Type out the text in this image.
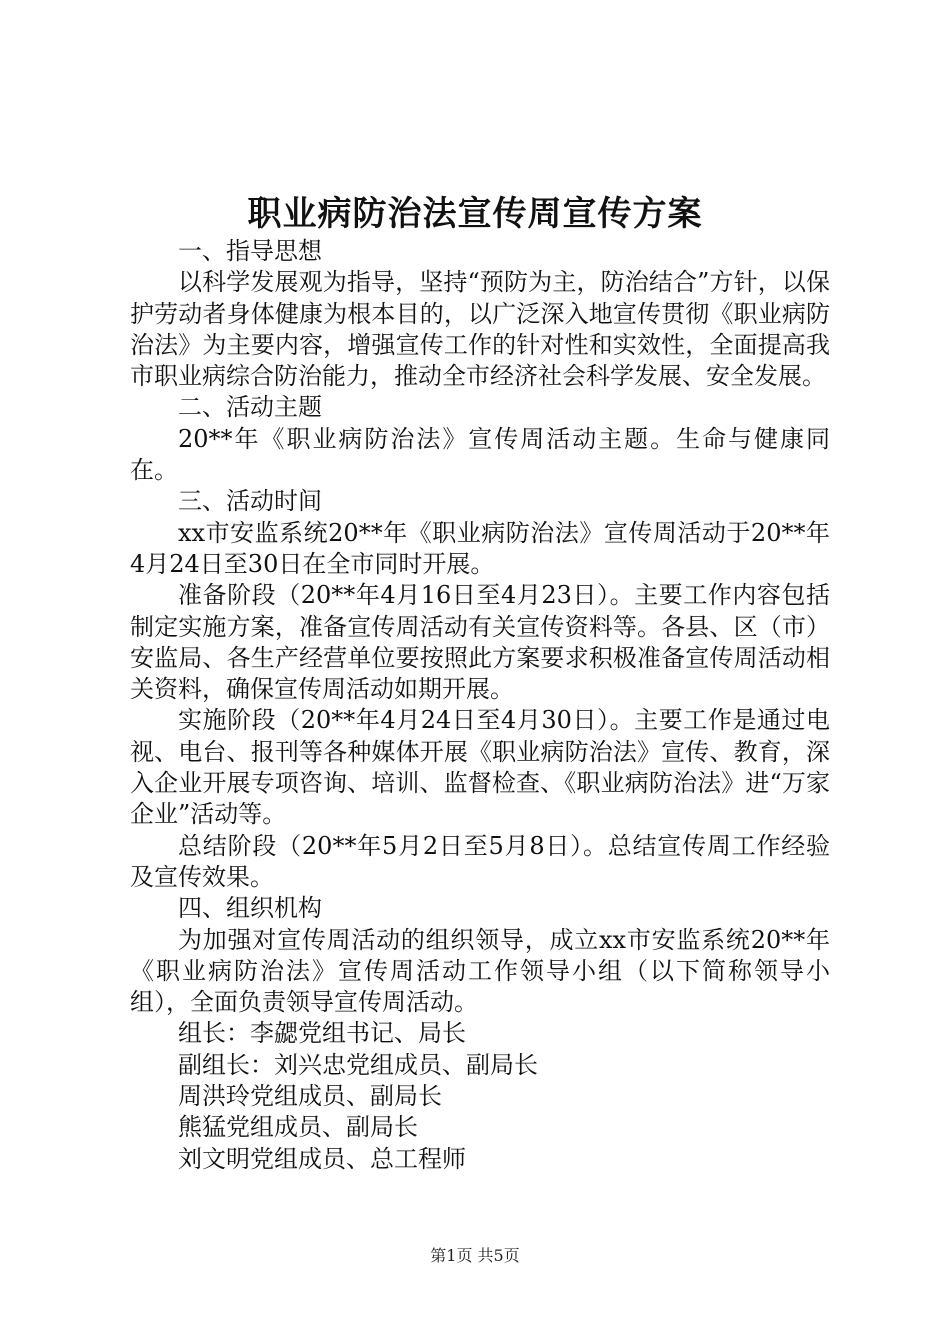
职业病防治法宣传周宣传方案

一、指导思想

以科学发展观为指导，坚持“预防为主，防治结合”方针，以保护劳动者身体健康为根本目的，以广泛深入地宣传贯彻《职业病防治法》为主要内容，增强宣传工作的针对性和实效性，全面提高我市职业病综合防治能力，推动全市经济社会科学发展、安全发展。

二、活动主题

20**年《职业病防治法》宣传周活动主题。生命与健康同在。

三、活动时间

xx市安监系统20**年《职业病防治法》宣传周活动于20**年4月24日至30日在全市同时开展。

准备阶段（20**年4月16日至4月23日）。主要工作内容包括制定实施方案，准备宣传周活动有关宣传资料等。各县、区（市）安监局、各生产经营单位要按照此方案要求积极准备宣传周活动相关资料，确保宣传周活动如期开展。

实施阶段（20**年4月24日至4月30日）。主要工作是通过电视、电台、报刊等各种媒体开展《职业病防治法》宣传、教育，深入企业开展专项咨询、培训、监督检查、《职业病防治法》进“万家企业”活动等。

总结阶段（20**年5月2日至5月8日）。总结宣传周工作经验及宣传效果。

四、组织机构

为加强对宣传周活动的组织领导，成立xx市安监系统20**年《职业病防治法》宣传周活动工作领导小组（以下简称领导小组），全面负责领导宣传周活动。

组长：李勰党组书记、局长

副组长：刘兴忠党组成员、副局长

周洪玲党组成员、副局长

熊猛党组成员、副局长

刘文明党组成员、总工程师

第1页 共5页
